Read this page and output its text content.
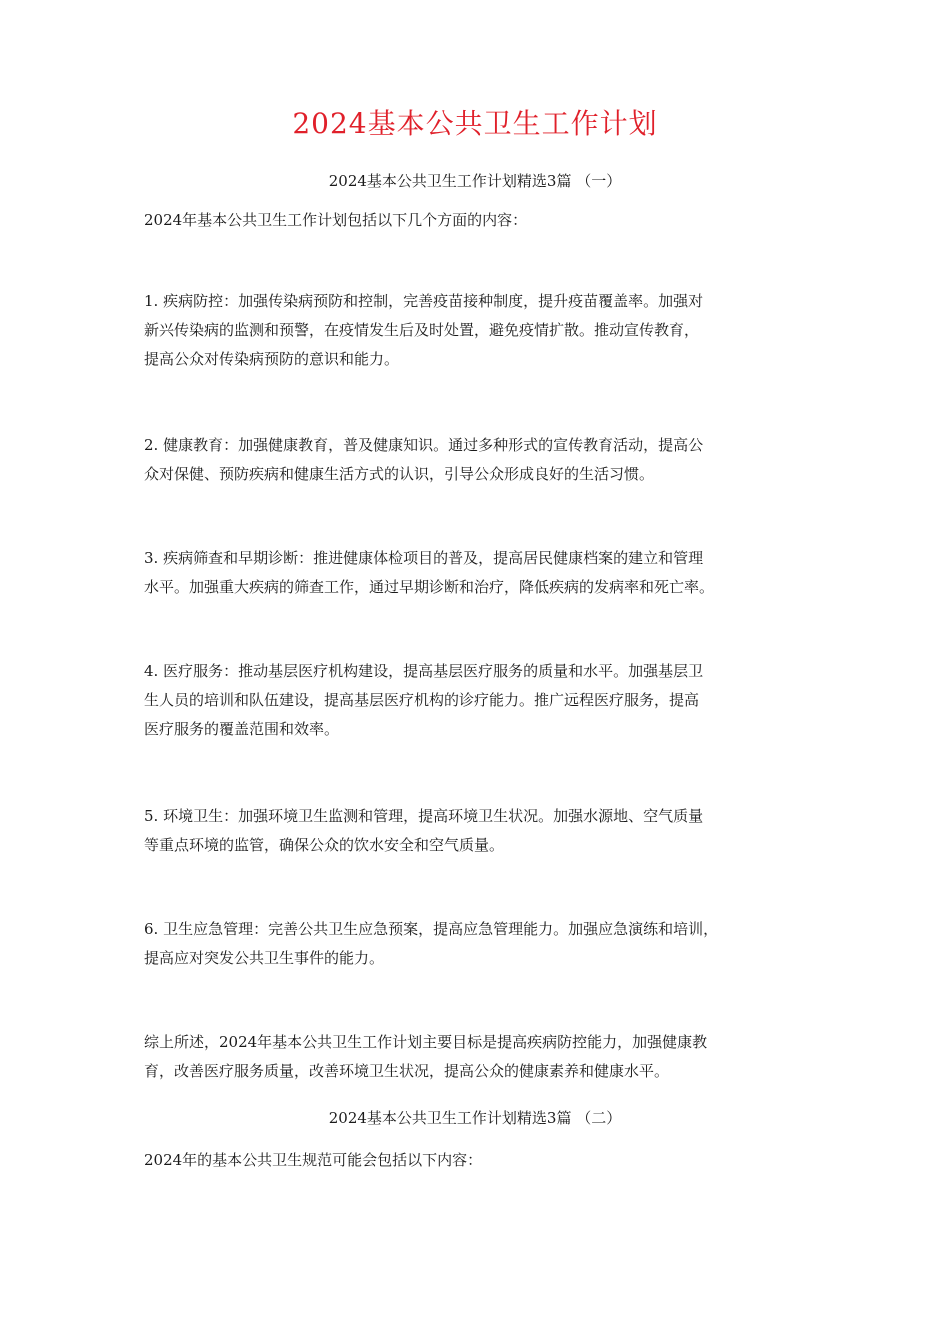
2024基本公共卫生工作计划
2024基本公共卫生工作计划精选3篇 （一）
2024年基本公共卫生工作计划包括以下几个方面的内容：
1. 疾病防控：加强传染病预防和控制，完善疫苗接种制度，提升疫苗覆盖率。加强对
新兴传染病的监测和预警，在疫情发生后及时处置，避免疫情扩散。推动宣传教育，
提高公众对传染病预防的意识和能力。
2. 健康教育：加强健康教育，普及健康知识。通过多种形式的宣传教育活动，提高公
众对保健、预防疾病和健康生活方式的认识，引导公众形成良好的生活习惯。
3. 疾病筛查和早期诊断：推进健康体检项目的普及，提高居民健康档案的建立和管理
水平。加强重大疾病的筛查工作，通过早期诊断和治疗，降低疾病的发病率和死亡率。
4. 医疗服务：推动基层医疗机构建设，提高基层医疗服务的质量和水平。加强基层卫
生人员的培训和队伍建设，提高基层医疗机构的诊疗能力。推广远程医疗服务，提高
医疗服务的覆盖范围和效率。
5. 环境卫生：加强环境卫生监测和管理，提高环境卫生状况。加强水源地、空气质量
等重点环境的监管，确保公众的饮水安全和空气质量。
6. 卫生应急管理：完善公共卫生应急预案，提高应急管理能力。加强应急演练和培训，
提高应对突发公共卫生事件的能力。
综上所述，2024年基本公共卫生工作计划主要目标是提高疾病防控能力，加强健康教
育，改善医疗服务质量，改善环境卫生状况，提高公众的健康素养和健康水平。
2024基本公共卫生工作计划精选3篇 （二）
2024年的基本公共卫生规范可能会包括以下内容：
